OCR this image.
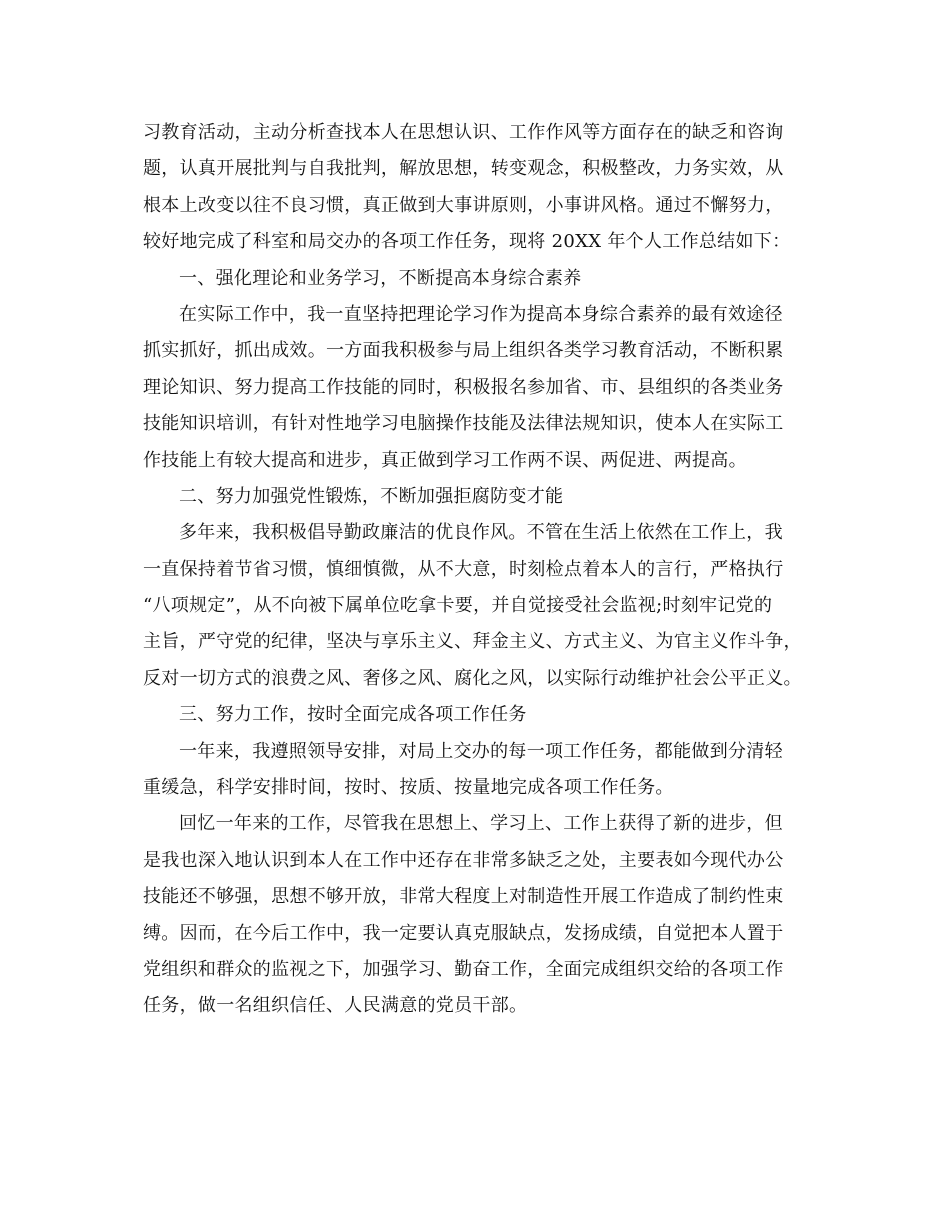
习教育活动，主动分析查找本人在思想认识、工作作风等方面存在的缺乏和咨询
题，认真开展批判与自我批判，解放思想，转变观念，积极整改，力务实效，从
根本上改变以往不良习惯，真正做到大事讲原则，小事讲风格。通过不懈努力，
较好地完成了科室和局交办的各项工作任务，现将 20XX 年个人工作总结如下：
一、强化理论和业务学习，不断提高本身综合素养
在实际工作中，我一直坚持把理论学习作为提高本身综合素养的最有效途径
抓实抓好，抓出成效。一方面我积极参与局上组织各类学习教育活动，不断积累
理论知识、努力提高工作技能的同时，积极报名参加省、市、县组织的各类业务
技能知识培训，有针对性地学习电脑操作技能及法律法规知识，使本人在实际工
作技能上有较大提高和进步，真正做到学习工作两不误、两促进、两提高。
二、努力加强党性锻炼，不断加强拒腐防变才能
多年来，我积极倡导勤政廉洁的优良作风。不管在生活上依然在工作上，我
一直保持着节省习惯，慎细慎微，从不大意，时刻检点着本人的言行，严格执行
“八项规定”，从不向被下属单位吃拿卡要，并自觉接受社会监视;时刻牢记党的
主旨，严守党的纪律，坚决与享乐主义、拜金主义、方式主义、为官主义作斗争，
反对一切方式的浪费之风、奢侈之风、腐化之风，以实际行动维护社会公平正义。
三、努力工作，按时全面完成各项工作任务
一年来，我遵照领导安排，对局上交办的每一项工作任务，都能做到分清轻
重缓急，科学安排时间，按时、按质、按量地完成各项工作任务。
回忆一年来的工作，尽管我在思想上、学习上、工作上获得了新的进步，但
是我也深入地认识到本人在工作中还存在非常多缺乏之处，主要表如今现代办公
技能还不够强，思想不够开放，非常大程度上对制造性开展工作造成了制约性束
缚。因而，在今后工作中，我一定要认真克服缺点，发扬成绩，自觉把本人置于
党组织和群众的监视之下，加强学习、勤奋工作，全面完成组织交给的各项工作
任务，做一名组织信任、人民满意的党员干部。
